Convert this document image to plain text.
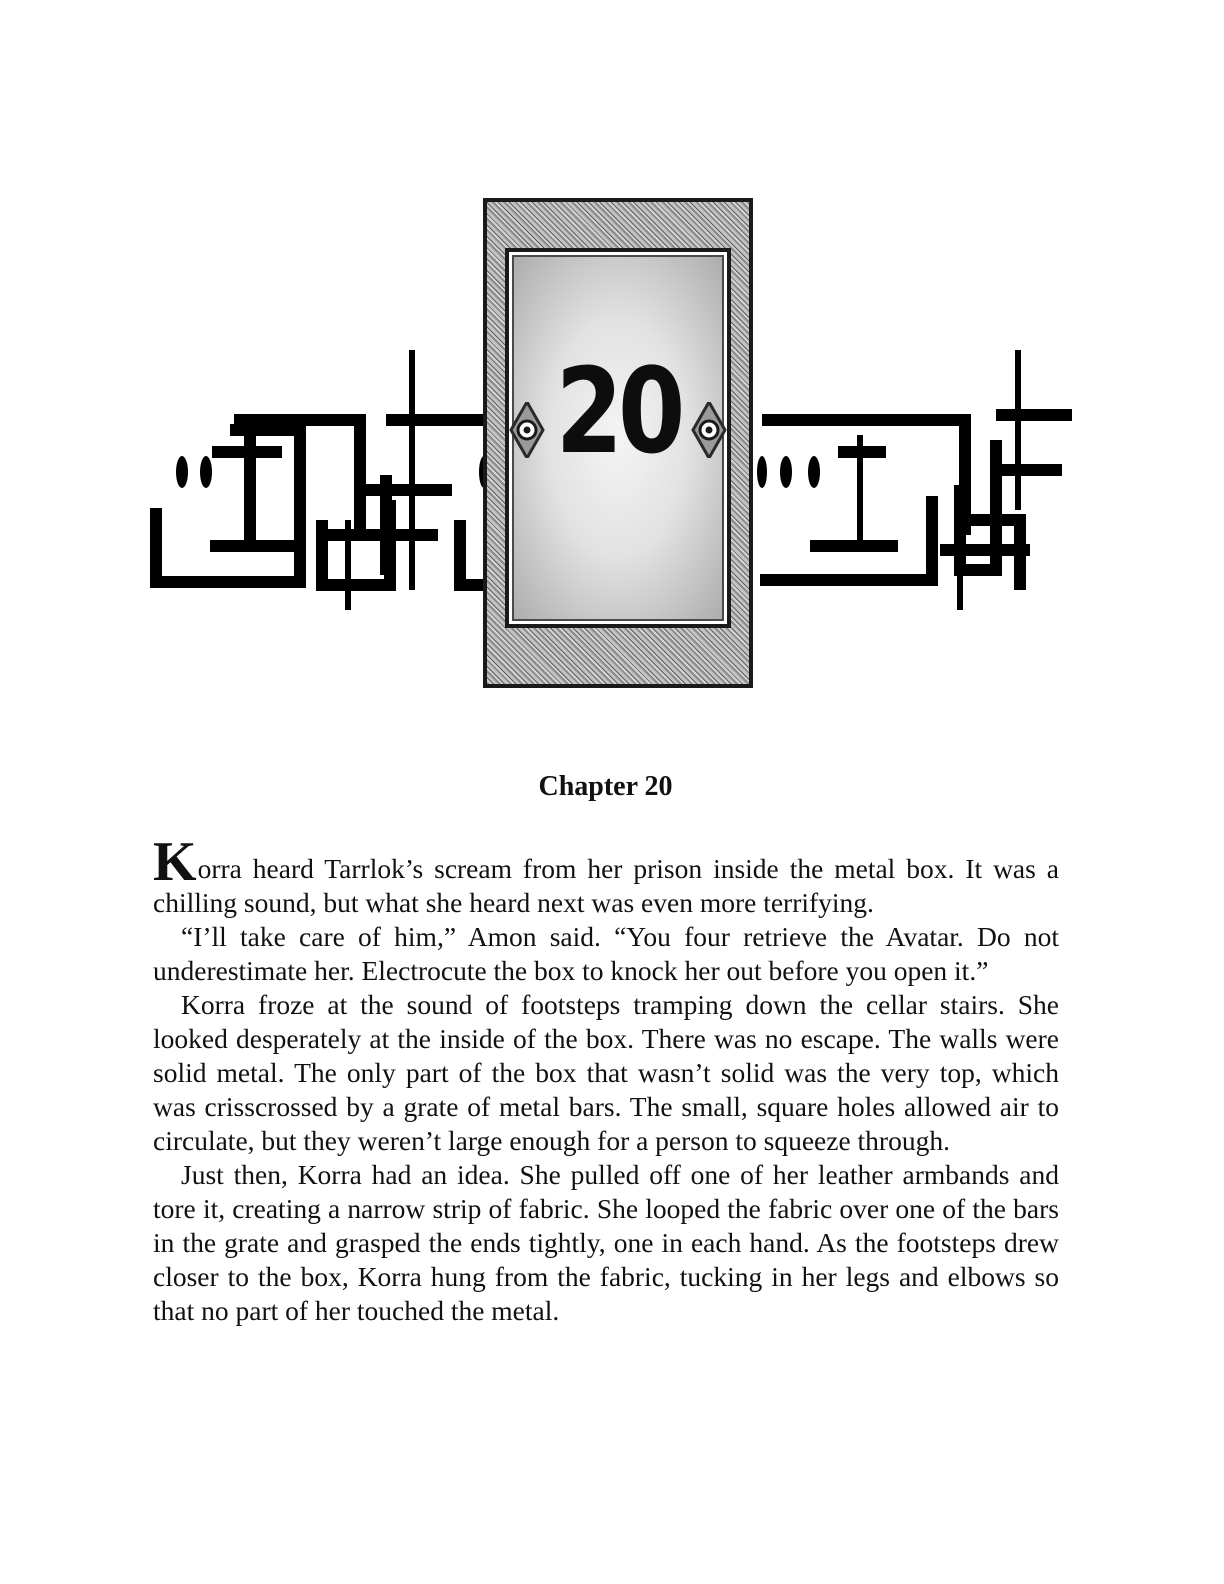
20
Chapter 20

Korra heard Tarrlok’s scream from her prison inside the metal box. It was a chilling sound, but what she heard next was even more terrifying.

“I’ll take care of him,” Amon said. “You four retrieve the Avatar. Do not underestimate her. Electrocute the box to knock her out before you open it.”

Korra froze at the sound of footsteps tramping down the cellar stairs. She looked desperately at the inside of the box. There was no escape. The walls were solid metal. The only part of the box that wasn’t solid was the very top, which was crisscrossed by a grate of metal bars. The small, square holes allowed air to circulate, but they weren’t large enough for a person to squeeze through.

Just then, Korra had an idea. She pulled off one of her leather armbands and tore it, creating a narrow strip of fabric. She looped the fabric over one of the bars in the grate and grasped the ends tightly, one in each hand. As the footsteps drew closer to the box, Korra hung from the fabric, tucking in her legs and elbows so that no part of her touched the metal.
